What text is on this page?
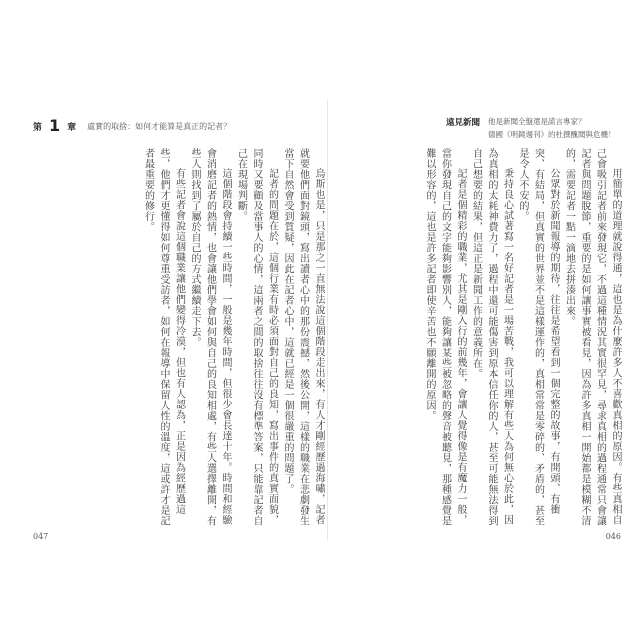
第 1 章 虛實的取捨：如何才能算是真正的記者？

烏斯也是，只是那之一直無法說這個階段走出來，有人才剛經歷過海嘯，記者就要他們面對鏡頭，寫出讀者心中的那份震撼，然後公開，這樣的職業在悲劇發生當下自然會受到質疑，因此在記者心中，這就已經是一個很嚴重的問題了。

記者的問題在於，這個行業有時必須面對自己的良知，寫出事件的真實面貌，同時又要顧及當事人的心情，這兩者之間的取捨往往沒有標準答案，只能靠記者自己在現場判斷。

這個階段會持續一些時間，一般是幾年時間，但很少會長達十年。時間和經驗會消磨記者的熱情，也會讓他們學會如何與自己的良知相處，有些人選擇離開，有些人則找到了屬於自己的方式繼續走下去。

有些記者會說這個職業讓他們變得冷漠，但也有人認為，正是因為經歷過這些，他們才更懂得如何尊重受訪者，如何在報導中保留人性的溫度，這或許才是記者最重要的修行。

047
遠見新聞 他是新聞全盤還是謊言專家？
德國《明鏡週刊》的杜撰醜聞與危機！

用簡單的道理就說得通，這也是為什麼許多人不喜歡真相的原因。有些真相自己會吸引記者前來發現它，不過這種情況其實很罕見，尋求真相的過程通常只會讓記者與問題脫節，重要的是如何讓事實被看見，因為許多真相一開始都是模糊不清的，需要記者一點一滴地去拼湊出來。

公眾對於新聞報導的期待，往往是希望看到一個完整的故事，有開頭、有衝突、有結局，但真實的世界並不是這樣運作的，真相常常是零碎的、矛盾的，甚至是令人不安的。

秉持良心試著寫一名好記者是一場苦戰，我可以理解有些人為何無心於此，因為真相的太耗神費力了，過程中還可能傷害到原本信任你的人，甚至可能無法得到自己想要的結果，但這正是新聞工作的意義所在。

記者是個精彩的職業，尤其是剛入行的前幾年，會讓人覺得像是有魔力一般，當你發現自己的文字能夠影響別人，能夠讓某些被忽略的聲音被聽見，那種感覺是難以形容的，這也是許多記者即使辛苦也不願離開的原因。

046
